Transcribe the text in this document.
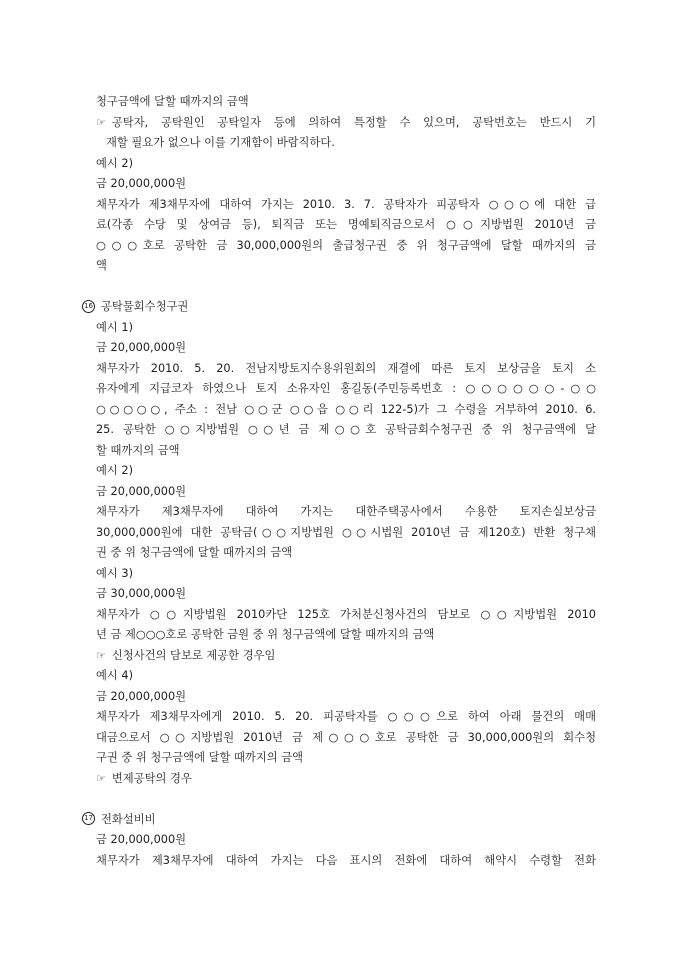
청구금액에 달할 때까지의 금액
☞ 공탁자, 공탁원인 공탁일자 등에 의하여 특정할 수 있으며, 공탁번호는 반드시 기
재할 필요가 없으나 이를 기재함이 바람직하다.
예시 2)
금 20,000,000원
채무자가 제3채무자에 대하여 가지는 2010. 3. 7. 공탁자가 피공탁자 ○○○에 대한 급
료(각종 수당 및 상여금 등), 퇴직금 또는 명예퇴직금으로서 ○○지방법원 2010년 금
○○○호로 공탁한 금 30,000,000원의 출급청구권 중 위 청구금액에 달할 때까지의 금
액
16 공탁물회수청구권
예시 1)
금 20,000,000원
채무자가 2010. 5. 20. 전남지방토지수용위원회의 재결에 따른 토지 보상금을 토지 소
유자에게 지급코자 하였으나 토지 소유자인 홍길동(주민등록번호 : ○○○○○○-○○
○○○○○, 주소 : 전남 ○○군 ○○읍 ○○리 122-5)가 그 수령을 거부하여 2010. 6.
25. 공탁한 ○○지방법원 ○○년 금 제○○호 공탁금회수청구권 중 위 청구금액에 달
할 때까지의 금액
예시 2)
금 20,000,000원
채무자가 제3채무자에 대하여 가지는 대한주택공사에서 수용한 토지손실보상금
30,000,000원에 대한 공탁금(○○지방법원 ○○시법원 2010년 금 제120호) 반환 청구채
권 중 위 청구금액에 달할 때까지의 금액
예시 3)
금 30,000,000원
채무자가 ○○지방법원 2010카단 125호 가처분신청사건의 담보로 ○○지방법원 2010
년 금 제○○○호로 공탁한 금원 중 위 청구금액에 달할 때까지의 금액
☞ 신청사건의 담보로 제공한 경우임
예시 4)
금 20,000,000원
채무자가 제3채무자에게 2010. 5. 20. 피공탁자를 ○○○으로 하여 아래 물건의 매매
대금으로서 ○○지방법원 2010년 금 제○○○호로 공탁한 금 30,000,000원의 회수청
구권 중 위 청구금액에 달할 때까지의 금액
☞ 변제공탁의 경우
17 전화설비비
금 20,000,000원
채무자가 제3채무자에 대하여 가지는 다음 표시의 전화에 대하여 해약시 수령할 전화
